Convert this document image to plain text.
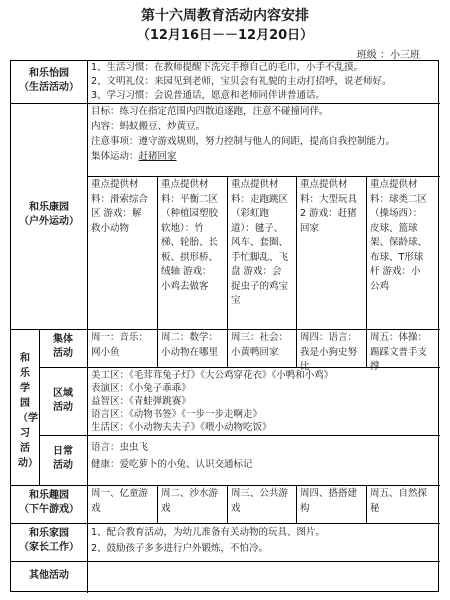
第十六周教育活动内容安排
（12月16日－－12月20日）
班级 ：小三班
和乐怡园
（生活活动）
1、生活习惯：在教师提醒下洗完手擦自己的毛巾，小手不乱摸。
2、文明礼仪：来园见到老师，宝贝会有礼貌的主动打招呼，说老师好。
3、学习习惯：会说普通话，愿意和老师同伴讲普通话。
和乐康园
（户外运动）
目标：练习在指定范围内四散追逐跑，注意不碰撞同伴。
内容：蚂蚁搬豆、炒黄豆。
注意事项：遵守游戏规则，努力控制与他人的间距，提高自我控制能力。
集体运动：赶猪回家
重点提供材料：滑索综合区 游戏：解救小动物
重点提供材料：平衡二区（种植园塑胶软地）：竹梯、轮胎、长板、拱形桥、绒轴 游戏：小鸡去做客
重点提供材料：走跑跳区（彩虹跑道）：毽子、风车、套圈、手忙脚乱、飞盘 游戏：会捉虫子的鸡宝宝
重点提供材料：大型玩具2 游戏：赶猪回家
重点提供材料：球类二区（操场西）：皮球、篮球架、保龄球、布球、T形球杆 游戏：小公鸡
和乐学园
（学习活动）
集体活动
周一：音乐：网小鱼
周二：数学：小动物在哪里
周三：社会：小黄鸭回家
周四：语言：我是小狗史努比
周五：体操：踢踩文普手支撑
区域活动
美工区：《毛茸茸兔子灯》《大公鸡穿花衣》《小鸭和小鸡》
表演区：《小兔子乖乖》
益智区：《青蛙弹跳赛》
语言区：《动物书签》《一步一步走啊走》
生活区：《小动物夫夫子》《喂小动物吃饭》
日常活动
语言：虫虫飞
健康：爱吃萝卜的小兔、认识交通标记
和乐趣园
（下午游戏）
周一、亿童游戏
周二、沙水游戏
周三、公共游戏
周四、搭搭建构
周五、自然探秘
和乐家园
（家长工作）
1、配合教育活动，为幼儿准备有关动物的玩具、图片。
2、鼓励孩子多多进行户外锻炼，不怕冷。
其他活动
